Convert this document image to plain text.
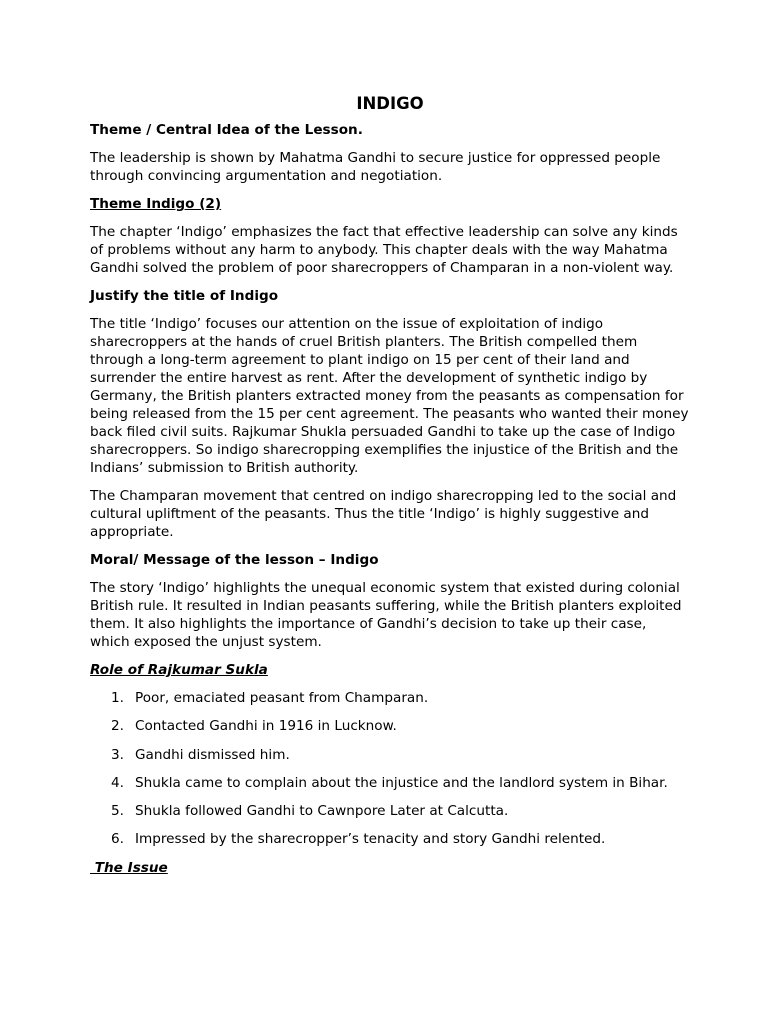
INDIGO
Theme / Central Idea of the Lesson.

The leadership is shown by Mahatma Gandhi to secure justice for oppressed people through convincing argumentation and negotiation.

Theme Indigo (2)

The chapter ‘Indigo’ emphasizes the fact that effective leadership can solve any kinds of problems without any harm to anybody. This chapter deals with the way Mahatma Gandhi solved the problem of poor sharecroppers of Champaran in a non-violent way.

Justify the title of Indigo

The title ‘Indigo’ focuses our attention on the issue of exploitation of indigo sharecroppers at the hands of cruel British planters. The British compelled them through a long-term agreement to plant indigo on 15 per cent of their land and surrender the entire harvest as rent. After the development of synthetic indigo by Germany, the British planters extracted money from the peasants as compensation for being released from the 15 per cent agreement. The peasants who wanted their money back filed civil suits. Rajkumar Shukla persuaded Gandhi to take up the case of Indigo sharecroppers. So indigo sharecropping exemplifies the injustice of the British and the Indians’ submission to British authority.

The Champaran movement that centred on indigo sharecropping led to the social and cultural upliftment of the peasants. Thus the title ‘Indigo’ is highly suggestive and appropriate.

Moral/ Message of the lesson – Indigo

The story ‘Indigo’ highlights the unequal economic system that existed during colonial British rule. It resulted in Indian peasants suffering, while the British planters exploited them. It also highlights the importance of Gandhi’s decision to take up their case, which exposed the unjust system.

Role of Rajkumar Sukla
1. Poor, emaciated peasant from Champaran.
2. Contacted Gandhi in 1916 in Lucknow.
3. Gandhi dismissed him.
4. Shukla came to complain about the injustice and the landlord system in Bihar.
5. Shukla followed Gandhi to Cawnpore Later at Calcutta.
6. Impressed by the sharecropper’s tenacity and story Gandhi relented.
The Issue
